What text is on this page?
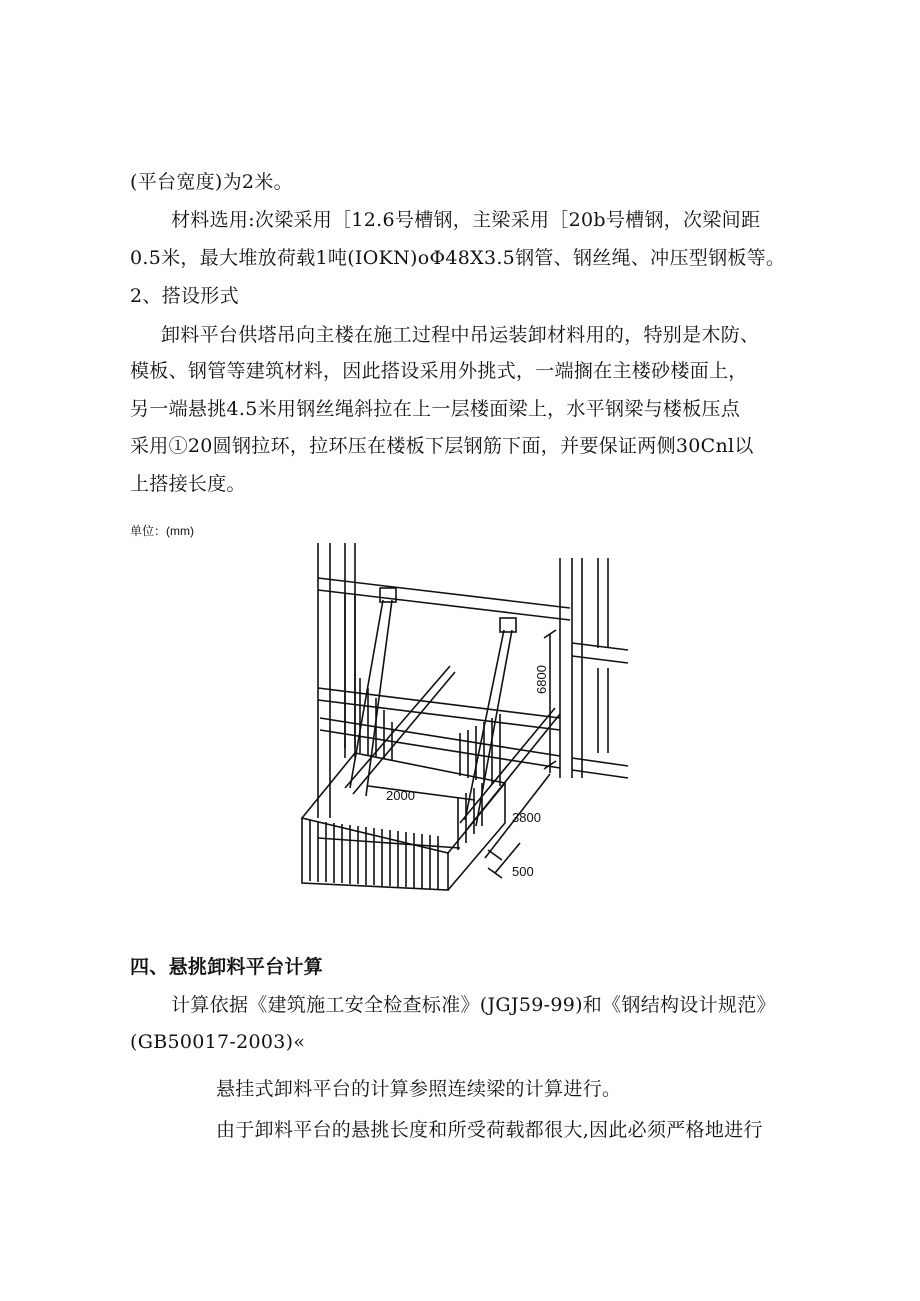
(平台宽度)为2米。
材料选用:次梁采用［12.6号槽钢，主梁采用［20b号槽钢，次梁间距
0.5米，最大堆放荷载1吨(IOKN)oΦ48X3.5钢管、钢丝绳、冲压型钢板等。
2、搭设形式
卸料平台供塔吊向主楼在施工过程中吊运装卸材料用的，特别是木防、
模板、钢管等建筑材料，因此搭设采用外挑式，一端搁在主楼砂楼面上，
另一端悬挑4.5米用钢丝绳斜拉在上一层楼面梁上，水平钢梁与楼板压点
采用①20圆钢拉环，拉环压在楼板下层钢筋下面，并要保证两侧30Cnl以
上搭接长度。
单位：(mm)
6800
2000
3800
500
四、悬挑卸料平台计算
计算依据《建筑施工安全检查标准》(JGJ59-99)和《钢结构设计规范》
(GB50017-2003)«
悬挂式卸料平台的计算参照连续梁的计算进行。
由于卸料平台的悬挑长度和所受荷载都很大,因此必须严格地进行
